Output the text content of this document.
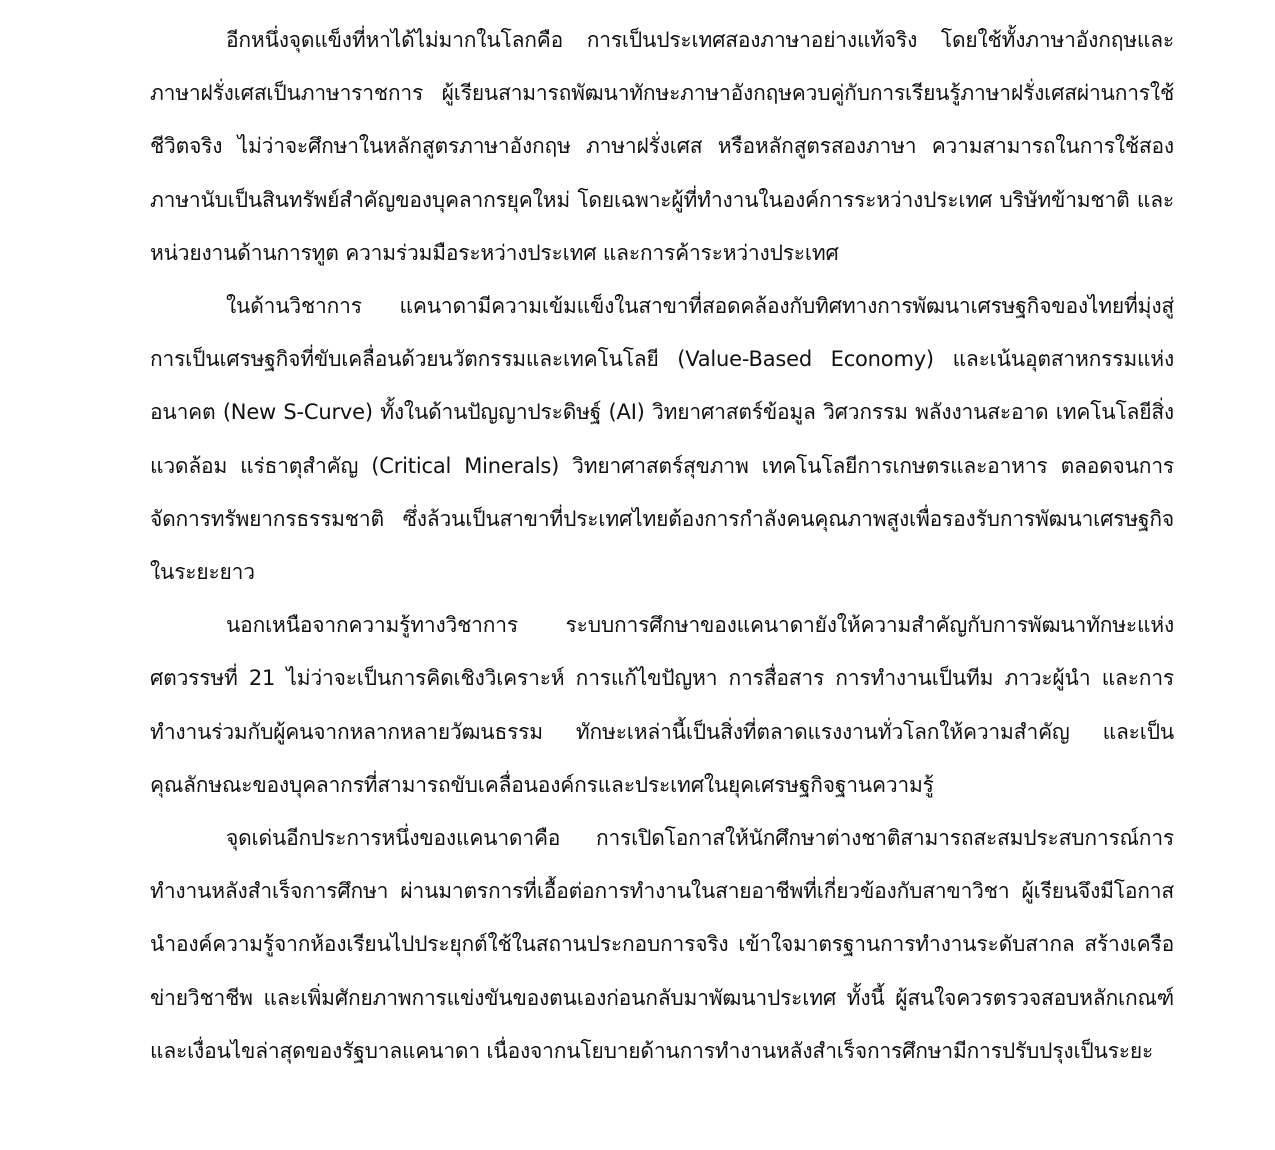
อีกหนึ่งจุดแข็งที่หาได้ไม่มากในโลกคือ การเป็นประเทศสองภาษาอย่างแท้จริง โดยใช้ทั้งภาษาอังกฤษและภาษาฝรั่งเศสเป็นภาษาราชการ ผู้เรียนสามารถพัฒนาทักษะภาษาอังกฤษควบคู่กับการเรียนรู้ภาษาฝรั่งเศสผ่านการใช้ชีวิตจริง ไม่ว่าจะศึกษาในหลักสูตรภาษาอังกฤษ ภาษาฝรั่งเศส หรือหลักสูตรสองภาษา ความสามารถในการใช้สองภาษานับเป็นสินทรัพย์สำคัญของบุคลากรยุคใหม่ โดยเฉพาะผู้ที่ทำงานในองค์การระหว่างประเทศ บริษัทข้ามชาติ และหน่วยงานด้านการทูต ความร่วมมือระหว่างประเทศ และการค้าระหว่างประเทศ

ในด้านวิชาการ แคนาดามีความเข้มแข็งในสาขาที่สอดคล้องกับทิศทางการพัฒนาเศรษฐกิจของไทยที่มุ่งสู่การเป็นเศรษฐกิจที่ขับเคลื่อนด้วยนวัตกรรมและเทคโนโลยี (Value-Based Economy) และเน้นอุตสาหกรรมแห่งอนาคต (New S-Curve) ทั้งในด้านปัญญาประดิษฐ์ (AI) วิทยาศาสตร์ข้อมูล วิศวกรรม พลังงานสะอาด เทคโนโลยีสิ่งแวดล้อม แร่ธาตุสำคัญ (Critical Minerals) วิทยาศาสตร์สุขภาพ เทคโนโลยีการเกษตรและอาหาร ตลอดจนการจัดการทรัพยากรธรรมชาติ ซึ่งล้วนเป็นสาขาที่ประเทศไทยต้องการกำลังคนคุณภาพสูงเพื่อรองรับการพัฒนาเศรษฐกิจในระยะยาว

นอกเหนือจากความรู้ทางวิชาการ ระบบการศึกษาของแคนาดายังให้ความสำคัญกับการพัฒนาทักษะแห่งศตวรรษที่ 21 ไม่ว่าจะเป็นการคิดเชิงวิเคราะห์ การแก้ไขปัญหา การสื่อสาร การทำงานเป็นทีม ภาวะผู้นำ และการทำงานร่วมกับผู้คนจากหลากหลายวัฒนธรรม ทักษะเหล่านี้เป็นสิ่งที่ตลาดแรงงานทั่วโลกให้ความสำคัญ และเป็นคุณลักษณะของบุคลากรที่สามารถขับเคลื่อนองค์กรและประเทศในยุคเศรษฐกิจฐานความรู้

จุดเด่นอีกประการหนึ่งของแคนาดาคือ การเปิดโอกาสให้นักศึกษาต่างชาติสามารถสะสมประสบการณ์การทำงานหลังสำเร็จการศึกษา ผ่านมาตรการที่เอื้อต่อการทำงานในสายอาชีพที่เกี่ยวข้องกับสาขาวิชา ผู้เรียนจึงมีโอกาสนำองค์ความรู้จากห้องเรียนไปประยุกต์ใช้ในสถานประกอบการจริง เข้าใจมาตรฐานการทำงานระดับสากล สร้างเครือข่ายวิชาชีพ และเพิ่มศักยภาพการแข่งขันของตนเองก่อนกลับมาพัฒนาประเทศ ทั้งนี้ ผู้สนใจควรตรวจสอบหลักเกณฑ์และเงื่อนไขล่าสุดของรัฐบาลแคนาดา เนื่องจากนโยบายด้านการทำงานหลังสำเร็จการศึกษามีการปรับปรุงเป็นระยะ
